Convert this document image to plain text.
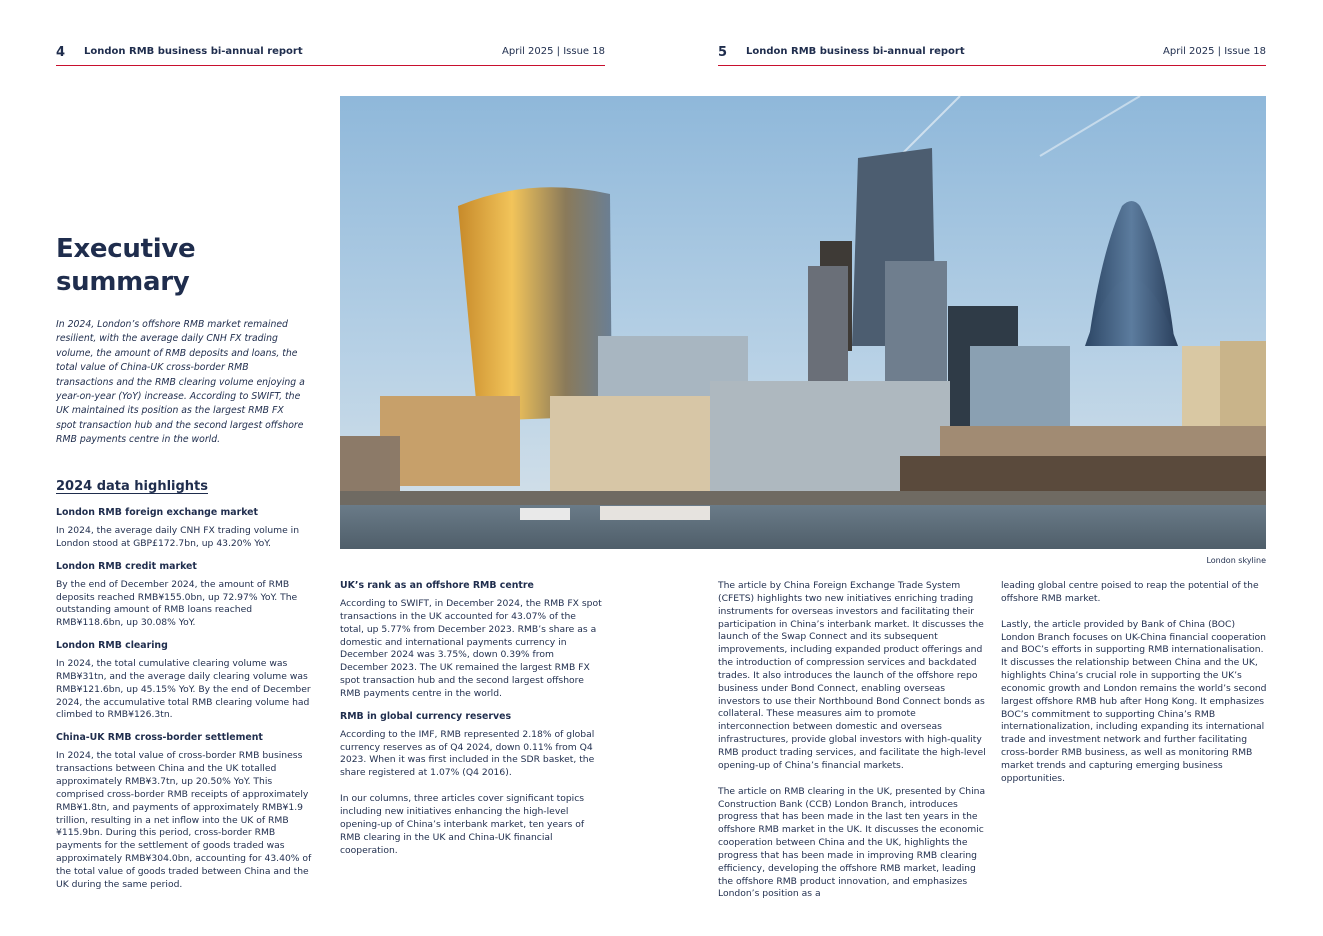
4 London RMB business bi-annual report	April 2025 | Issue 18	5 London RMB business bi-annual report	April 2025 | Issue 18
London skyline
Executive summary

In 2024, London’s offshore RMB market remained resilient, with the average daily CNH FX trading volume, the amount of RMB deposits and loans, the total value of China-UK cross-border RMB transactions and the RMB clearing volume enjoying a year-on-year (YoY) increase. According to SWIFT, the UK maintained its position as the largest RMB FX spot transaction hub and the second largest offshore RMB payments centre in the world.

2024 data highlights
London RMB foreign exchange market

In 2024, the average daily CNH FX trading volume in London stood at GBP£172.7bn, up 43.20% YoY.

London RMB credit market

By the end of December 2024, the amount of RMB deposits reached RMB¥155.0bn, up 72.97% YoY. The outstanding amount of RMB loans reached RMB¥118.6bn, up 30.08% YoY.

London RMB clearing

In 2024, the total cumulative clearing volume was RMB¥31tn, and the average daily clearing volume was RMB¥121.6bn, up 45.15% YoY. By the end of December 2024, the accumulative total RMB clearing volume had climbed to RMB¥126.3tn.

China-UK RMB cross-border settlement

In 2024, the total value of cross-border RMB business transactions between China and the UK totalled approximately RMB¥3.7tn, up 20.50% YoY. This comprised cross-border RMB receipts of approximately RMB¥1.8tn, and payments of approximately RMB¥1.9 trillion, resulting in a net inflow into the UK of RMB ¥115.9bn. During this period, cross-border RMB payments for the settlement of goods traded was approximately RMB¥304.0bn, accounting for 43.40% of the total value of goods traded between China and the UK during the same period.

UK’s rank as an offshore RMB centre

According to SWIFT, in December 2024, the RMB FX spot transactions in the UK accounted for 43.07% of the total, up 5.77% from December 2023. RMB’s share as a domestic and international payments currency in December 2024 was 3.75%, down 0.39% from December 2023. The UK remained the largest RMB FX spot transaction hub and the second largest offshore RMB payments centre in the world.

RMB in global currency reserves

According to the IMF, RMB represented 2.18% of global currency reserves as of Q4 2024, down 0.11% from Q4 2023. When it was first included in the SDR basket, the share registered at 1.07% (Q4 2016).

In our columns, three articles cover significant topics including new initiatives enhancing the high-level opening-up of China’s interbank market, ten years of RMB clearing in the UK and China-UK financial cooperation.

The article by China Foreign Exchange Trade System (CFETS) highlights two new initiatives enriching trading instruments for overseas investors and facilitating their participation in China’s interbank market. It discusses the launch of the Swap Connect and its subsequent improvements, including expanded product offerings and the introduction of compression services and backdated trades. It also introduces the launch of the offshore repo business under Bond Connect, enabling overseas investors to use their Northbound Bond Connect bonds as collateral. These measures aim to promote interconnection between domestic and overseas infrastructures, provide global investors with high-quality RMB product trading services, and facilitate the high-level opening-up of China’s financial markets.

The article on RMB clearing in the UK, presented by China Construction Bank (CCB) London Branch, introduces progress that has been made in the last ten years in the offshore RMB market in the UK. It discusses the economic cooperation between China and the UK, highlights the progress that has been made in improving RMB clearing efficiency, developing the offshore RMB market, leading the offshore RMB product innovation, and emphasizes London’s position as a

leading global centre poised to reap the potential of the offshore RMB market.

Lastly, the article provided by Bank of China (BOC) London Branch focuses on UK-China financial cooperation and BOC’s efforts in supporting RMB internationalisation. It discusses the relationship between China and the UK, highlights China’s crucial role in supporting the UK’s economic growth and London remains the world’s second largest offshore RMB hub after Hong Kong. It emphasizes BOC’s commitment to supporting China’s RMB internationalization, including expanding its international trade and investment network and further facilitating cross-border RMB business, as well as monitoring RMB market trends and capturing emerging business opportunities.
